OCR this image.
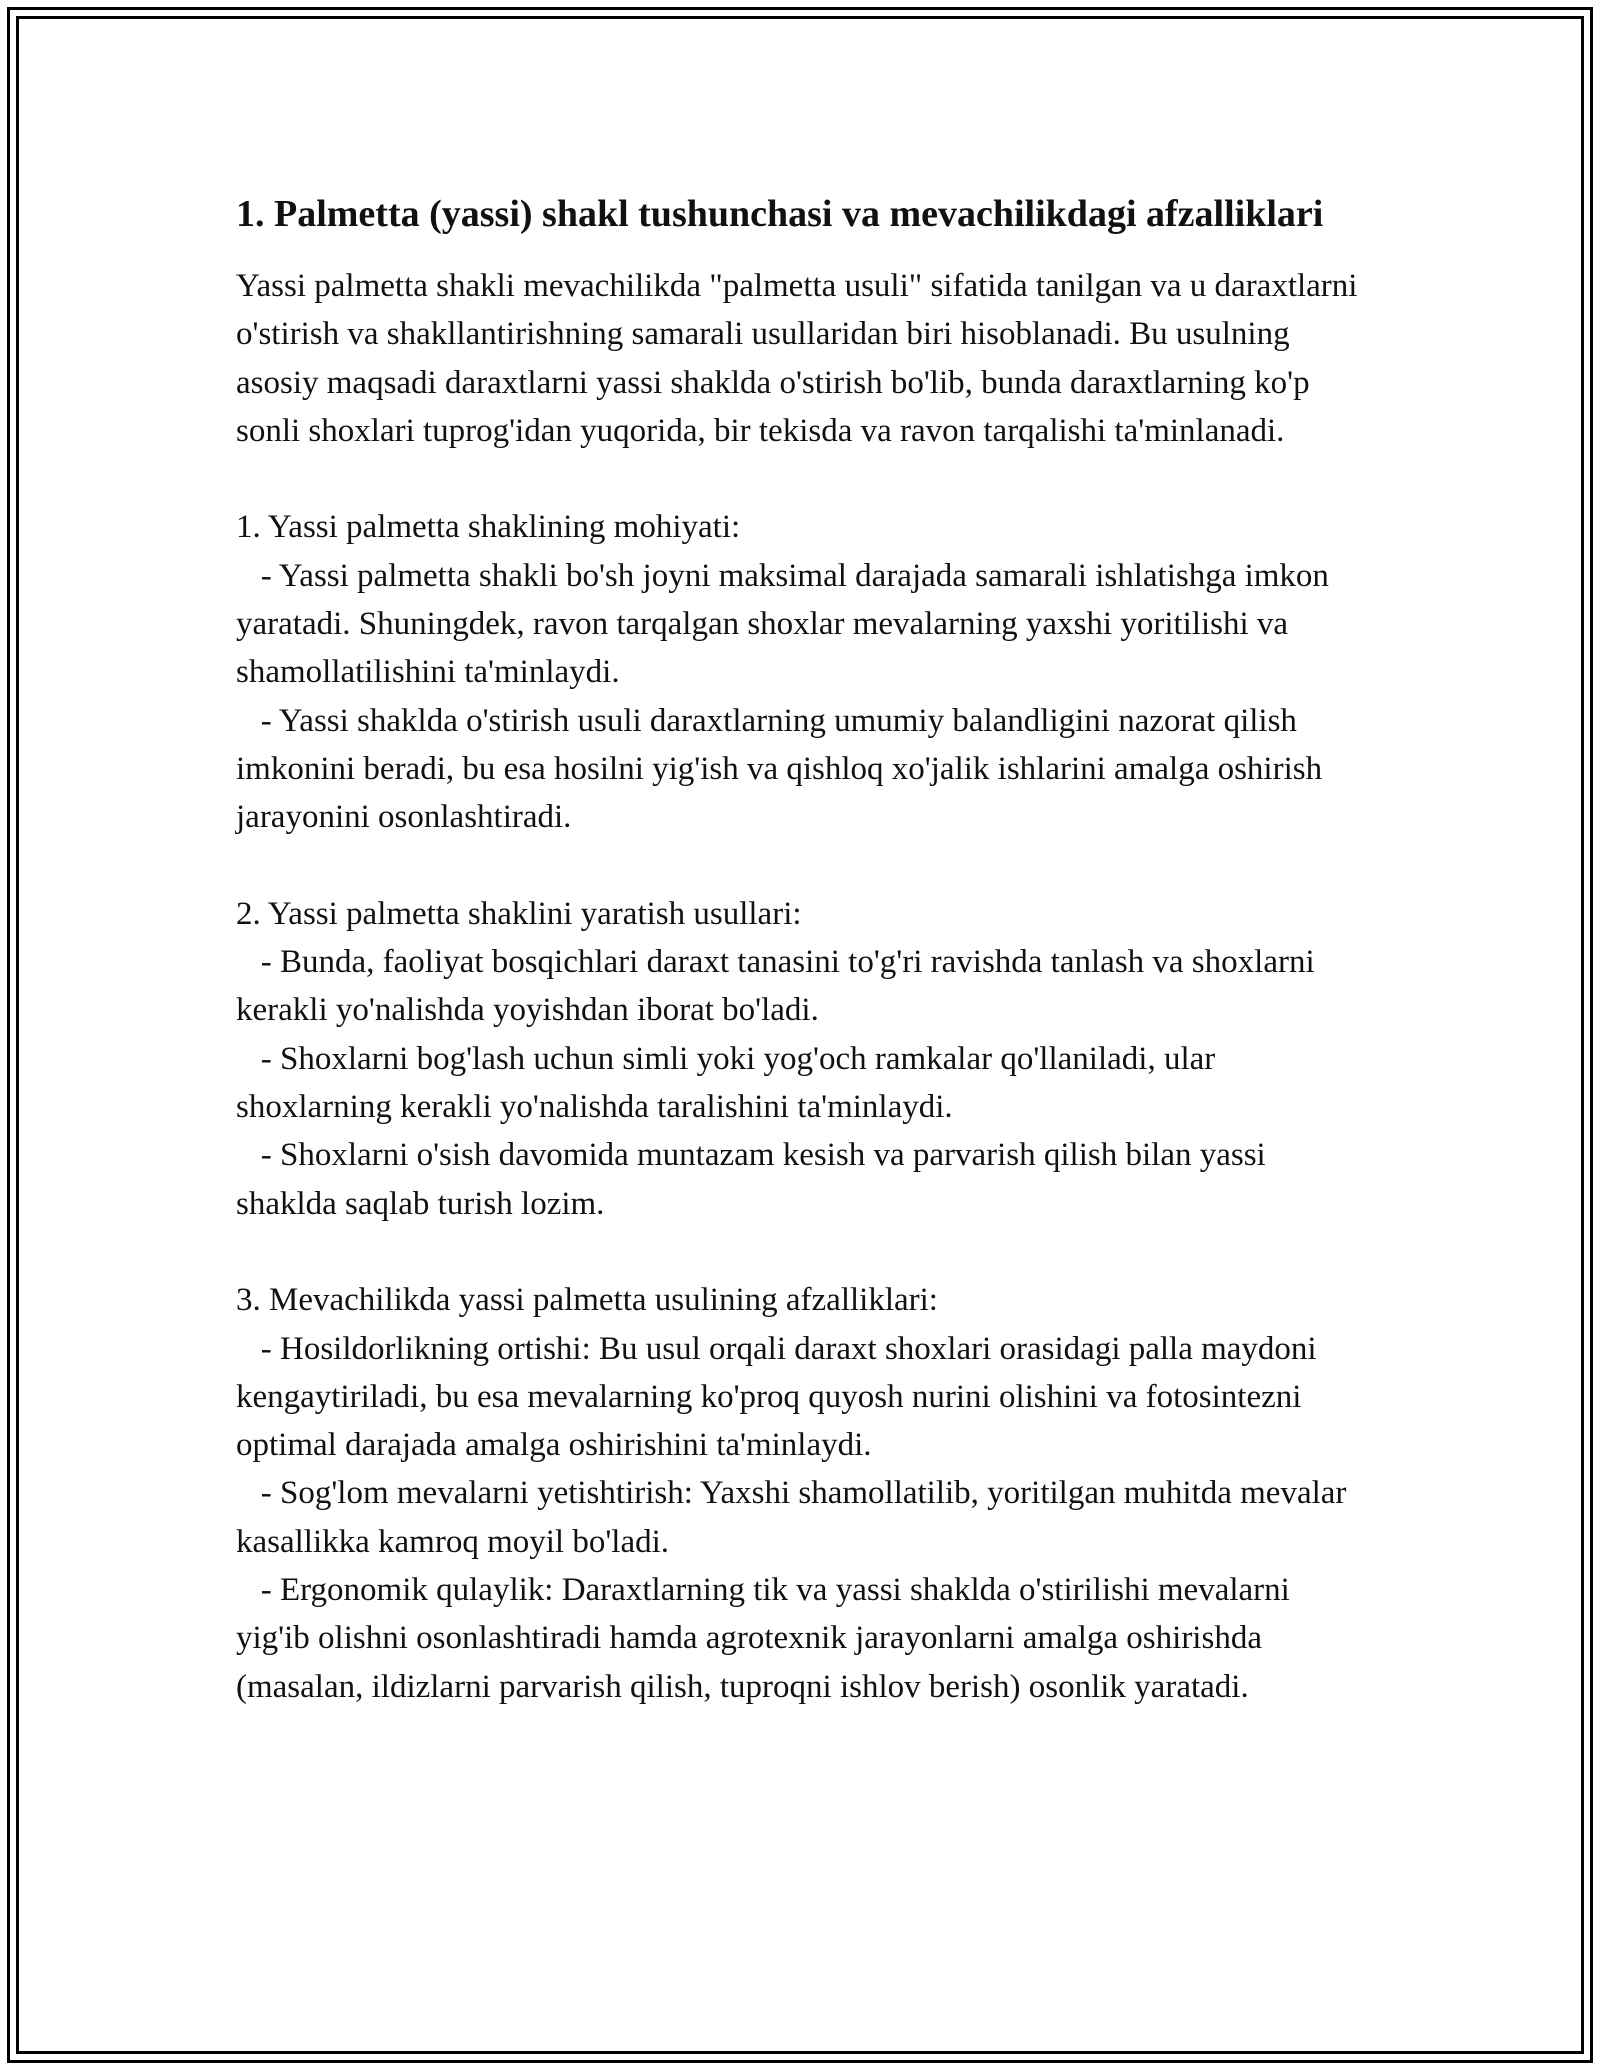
1. Palmetta (yassi) shakl tushunchasi va mevachilikdagi afzalliklari

Yassi palmetta shakli mevachilikda "palmetta usuli" sifatida tanilgan va u daraxtlarni o'stirish va shakllantirishning samarali usullaridan biri hisoblanadi. Bu usulning asosiy maqsadi daraxtlarni yassi shaklda o'stirish bo'lib, bunda daraxtlarning ko'p sonli shoxlari tuprog'idan yuqorida, bir tekisda va ravon tarqalishi ta'minlanadi.

1. Yassi palmetta shaklining mohiyati:
- Yassi palmetta shakli bo'sh joyni maksimal darajada samarali ishlatishga imkon yaratadi. Shuningdek, ravon tarqalgan shoxlar mevalarning yaxshi yoritilishi va shamollatilishini ta'minlaydi.
- Yassi shaklda o'stirish usuli daraxtlarning umumiy balandligini nazorat qilish imkonini beradi, bu esa hosilni yig'ish va qishloq xo'jalik ishlarini amalga oshirish jarayonini osonlashtiradi.
2. Yassi palmetta shaklini yaratish usullari:
- Bunda, faoliyat bosqichlari daraxt tanasini to'g'ri ravishda tanlash va shoxlarni kerakli yo'nalishda yoyishdan iborat bo'ladi.
- Shoxlarni bog'lash uchun simli yoki yog'och ramkalar qo'llaniladi, ular shoxlarning kerakli yo'nalishda taralishini ta'minlaydi.
- Shoxlarni o'sish davomida muntazam kesish va parvarish qilish bilan yassi shaklda saqlab turish lozim.
3. Mevachilikda yassi palmetta usulining afzalliklari:
- Hosildorlikning ortishi: Bu usul orqali daraxt shoxlari orasidagi palla maydoni kengaytiriladi, bu esa mevalarning ko'proq quyosh nurini olishini va fotosintezni optimal darajada amalga oshirishini ta'minlaydi.
- Sog'lom mevalarni yetishtirish: Yaxshi shamollatilib, yoritilgan muhitda mevalar kasallikka kamroq moyil bo'ladi.
- Ergonomik qulaylik: Daraxtlarning tik va yassi shaklda o'stirilishi mevalarni yig'ib olishni osonlashtiradi hamda agrotexnik jarayonlarni amalga oshirishda (masalan, ildizlarni parvarish qilish, tuproqni ishlov berish) osonlik yaratadi.
